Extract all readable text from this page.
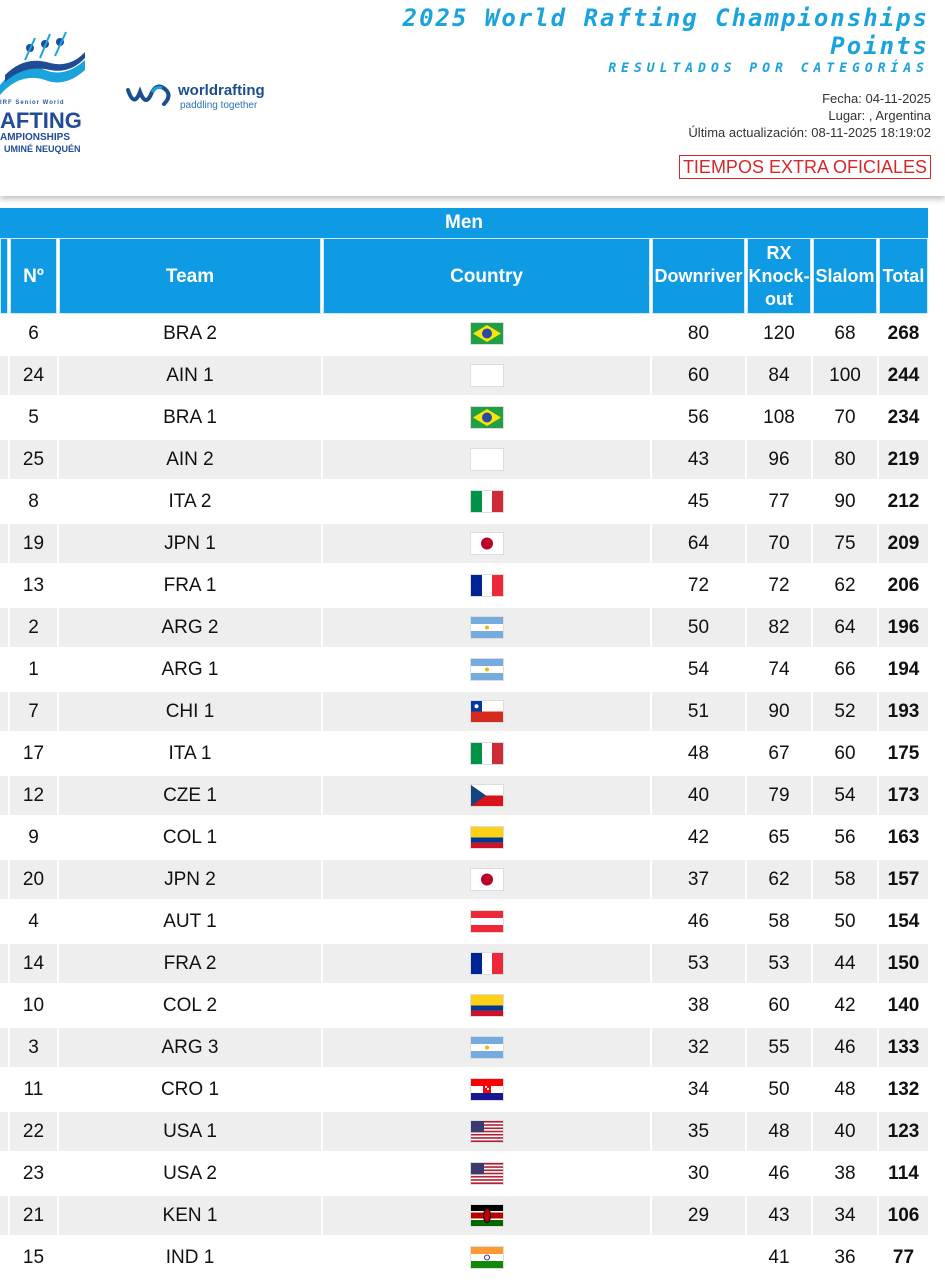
IRF Senior World
AFTING
AMPIONSHIPS
UMINÉ NEUQUÉN
worldrafting
paddling together
2025 World Rafting Championships
Points
RESULTADOS POR CATEGORÍAS
Fecha: 04-11-2025
Lugar: , Argentina
Última actualización: 08-11-2025 18:19:02
TIEMPOS EXTRA OFICIALES
Men							
	Nº	Team	Country	Downriver	RX
Knock-
out	Slalom	Total
	6	BRA 2		80	120	68	268
	24	AIN 1		60	84	100	244
	5	BRA 1		56	108	70	234
	25	AIN 2		43	96	80	219
	8	ITA 2		45	77	90	212
	19	JPN 1		64	70	75	209
	13	FRA 1		72	72	62	206
	2	ARG 2		50	82	64	196
	1	ARG 1		54	74	66	194
	7	CHI 1		51	90	52	193
	17	ITA 1		48	67	60	175
	12	CZE 1		40	79	54	173
	9	COL 1		42	65	56	163
	20	JPN 2		37	62	58	157
	4	AUT 1		46	58	50	154
	14	FRA 2		53	53	44	150
	10	COL 2		38	60	42	140
	3	ARG 3		32	55	46	133
	11	CRO 1		34	50	48	132
	22	USA 1		35	48	40	123
	23	USA 2		30	46	38	114
	21	KEN 1		29	43	34	106
	15	IND 1			41	36	77
